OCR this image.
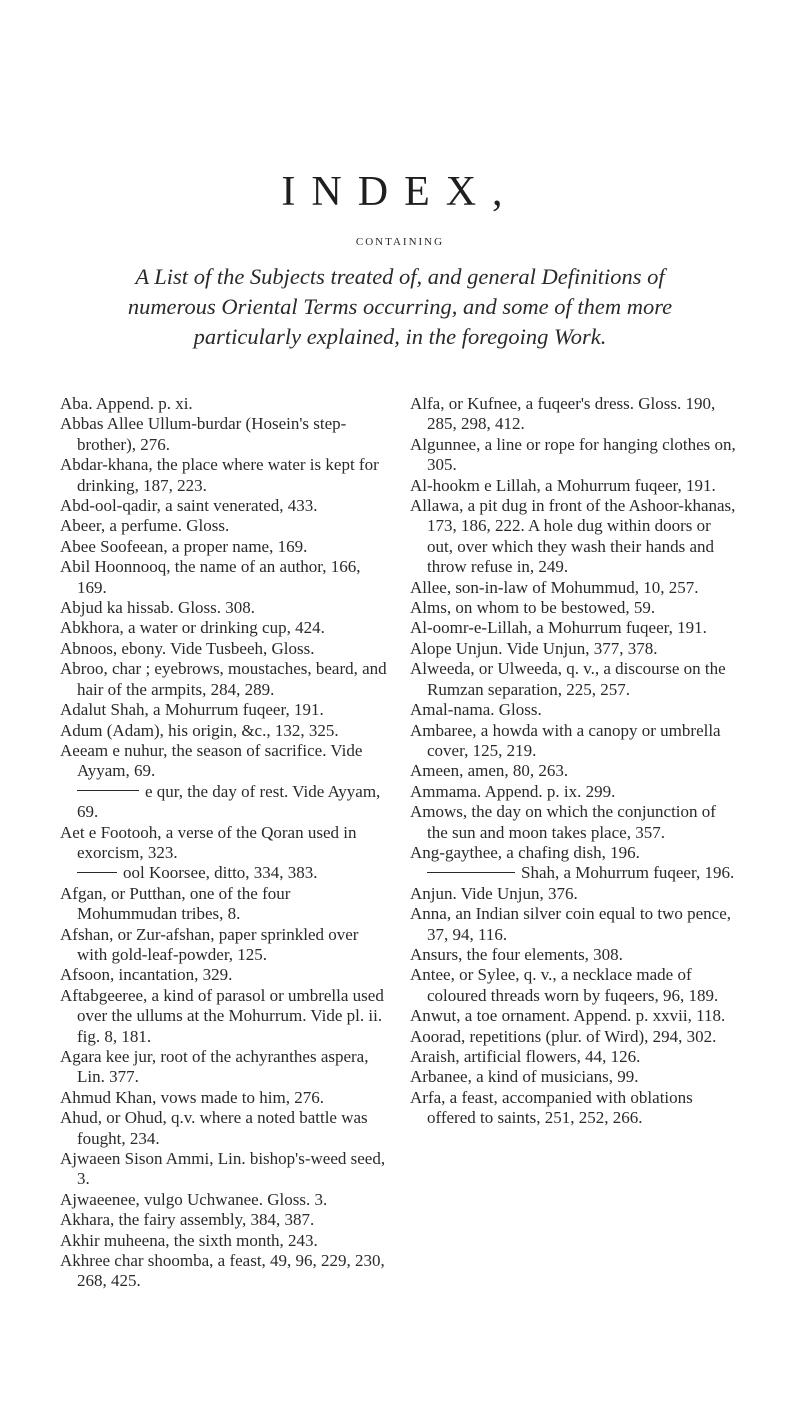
INDEX,

CONTAINING

A List of the Subjects treated of, and general Definitions of numerous Oriental Terms occurring, and some of them more particularly explained, in the foregoing Work.

Aba. Append. p. xi.

Abbas Allee Ullum-burdar (Hosein's step-brother), 276.

Abdar-khana, the place where water is kept for drinking, 187, 223.

Abd-ool-qadir, a saint venerated, 433.

Abeer, a perfume. Gloss.

Abee Soofeean, a proper name, 169.

Abil Hoonnooq, the name of an author, 166, 169.

Abjud ka hissab. Gloss. 308.

Abkhora, a water or drinking cup, 424.

Abnoos, ebony. Vide Tusbeeh, Gloss.

Abroo, char ; eyebrows, moustaches, beard, and hair of the armpits, 284, 289.

Adalut Shah, a Mohurrum fuqeer, 191.

Adum (Adam), his origin, &c., 132, 325.

Aeeam e nuhur, the season of sacrifice. Vide Ayyam, 69.

e qur, the day of rest. Vide Ayyam, 69.

Aet e Footooh, a verse of the Qoran used in exorcism, 323.

ool Koorsee, ditto, 334, 383.

Afgan, or Putthan, one of the four Mohummudan tribes, 8.

Afshan, or Zur-afshan, paper sprinkled over with gold-leaf-powder, 125.

Afsoon, incantation, 329.

Aftabgeeree, a kind of parasol or umbrella used over the ullums at the Mohurrum. Vide pl. ii. fig. 8, 181.

Agara kee jur, root of the achyranthes aspera, Lin. 377.

Ahmud Khan, vows made to him, 276.

Ahud, or Ohud, q.v. where a noted battle was fought, 234.

Ajwaeen Sison Ammi, Lin. bishop's-weed seed, 3.

Ajwaeenee, vulgo Uchwanee. Gloss. 3.

Akhara, the fairy assembly, 384, 387.

Akhir muheena, the sixth month, 243.

Akhree char shoomba, a feast, 49, 96, 229, 230, 268, 425.

Alfa, or Kufnee, a fuqeer's dress. Gloss. 190, 285, 298, 412.

Algunnee, a line or rope for hanging clothes on, 305.

Al-hookm e Lillah, a Mohurrum fuqeer, 191.

Allawa, a pit dug in front of the Ashoor-khanas, 173, 186, 222. A hole dug within doors or out, over which they wash their hands and throw refuse in, 249.

Allee, son-in-law of Mohummud, 10, 257.

Alms, on whom to be bestowed, 59.

Al-oomr-e-Lillah, a Mohurrum fuqeer, 191.

Alope Unjun. Vide Unjun, 377, 378.

Alweeda, or Ulweeda, q. v., a discourse on the Rumzan separation, 225, 257.

Amal-nama. Gloss.

Ambaree, a howda with a canopy or umbrella cover, 125, 219.

Ameen, amen, 80, 263.

Ammama. Append. p. ix. 299.

Amows, the day on which the conjunction of the sun and moon takes place, 357.

Ang-gaythee, a chafing dish, 196.

Shah, a Mohurrum fuqeer, 196.

Anjun. Vide Unjun, 376.

Anna, an Indian silver coin equal to two pence, 37, 94, 116.

Ansurs, the four elements, 308.

Antee, or Sylee, q. v., a necklace made of coloured threads worn by fuqeers, 96, 189.

Anwut, a toe ornament. Append. p. xxvii, 118.

Aoorad, repetitions (plur. of Wird), 294, 302.

Araish, artificial flowers, 44, 126.

Arbanee, a kind of musicians, 99.

Arfa, a feast, accompanied with oblations offered to saints, 251, 252, 266.
